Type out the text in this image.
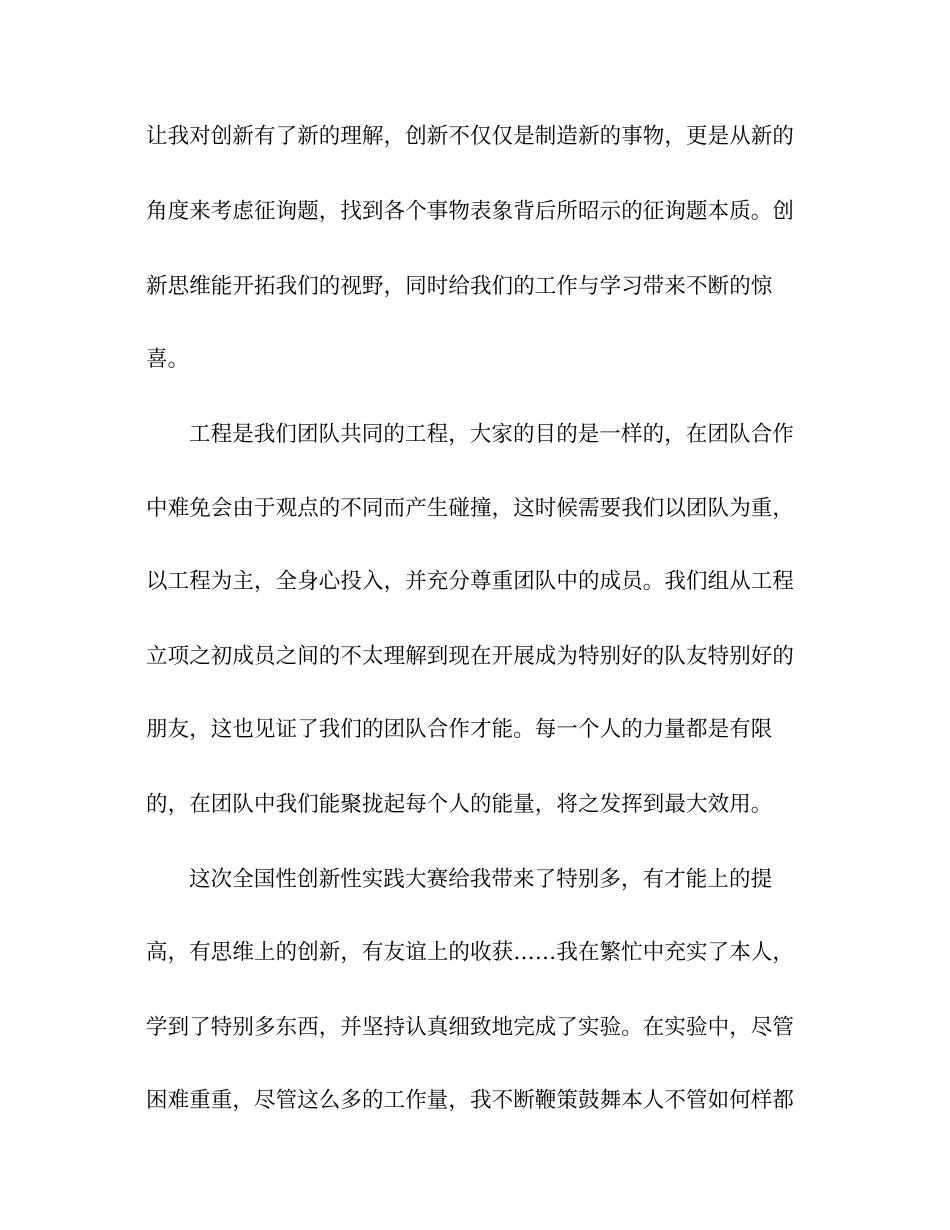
让我对创新有了新的理解，创新不仅仅是制造新的事物，更是从新的
角度来考虑征询题，找到各个事物表象背后所昭示的征询题本质。创
新思维能开拓我们的视野，同时给我们的工作与学习带来不断的惊
喜。
工程是我们团队共同的工程，大家的目的是一样的，在团队合作
中难免会由于观点的不同而产生碰撞，这时候需要我们以团队为重，
以工程为主，全身心投入，并充分尊重团队中的成员。我们组从工程
立项之初成员之间的不太理解到现在开展成为特别好的队友特别好的
朋友，这也见证了我们的团队合作才能。每一个人的力量都是有限
的，在团队中我们能聚拢起每个人的能量，将之发挥到最大效用。
这次全国性创新性实践大赛给我带来了特别多，有才能上的提
高，有思维上的创新，有友谊上的收获……我在繁忙中充实了本人，
学到了特别多东西，并坚持认真细致地完成了实验。在实验中，尽管
困难重重，尽管这么多的工作量，我不断鞭策鼓舞本人不管如何样都
